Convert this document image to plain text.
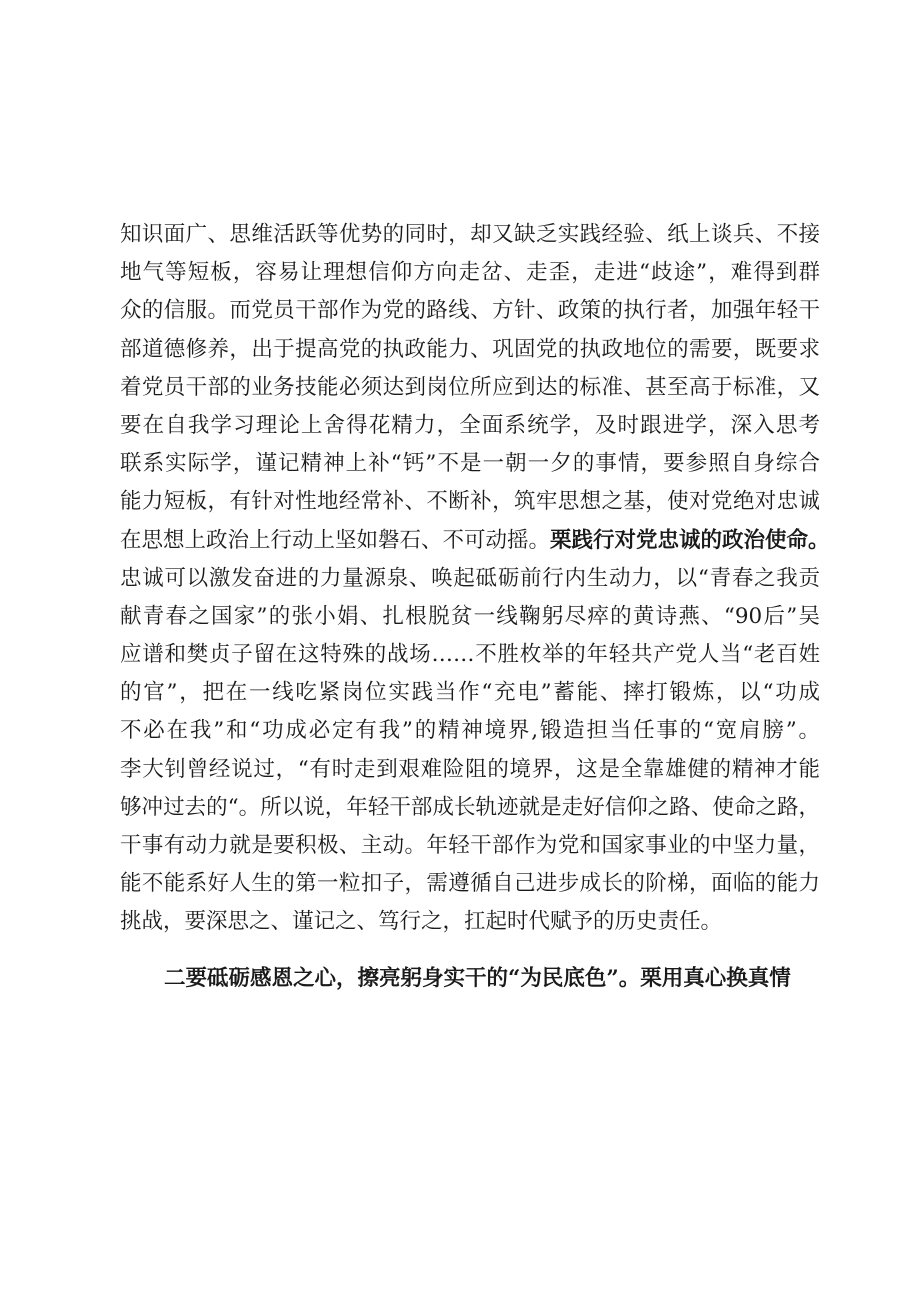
知识面广、思维活跃等优势的同时，却又缺乏实践经验、纸上谈兵、不接
地气等短板，容易让理想信仰方向走岔、走歪，走进“歧途”，难得到群
众的信服。而党员干部作为党的路线、方针、政策的执行者，加强年轻干
部道德修养，出于提高党的执政能力、巩固党的执政地位的需要，既要求
着党员干部的业务技能必须达到岗位所应到达的标准、甚至高于标准，又
要在自我学习理论上舍得花精力，全面系统学，及时跟进学，深入思考
联系实际学，谨记精神上补“钙”不是一朝一夕的事情，要参照自身综合
能力短板，有针对性地经常补、不断补，筑牢思想之基，使对党绝对忠诚
在思想上政治上行动上坚如磐石、不可动摇。栗践行对党忠诚的政治使命。
忠诚可以激发奋进的力量源泉、唤起砥砺前行内生动力，以“青春之我贡
献青春之国家”的张小娟、扎根脱贫一线鞠躬尽瘁的黄诗燕、“90后”吴
应谱和樊贞子留在这特殊的战场……不胜枚举的年轻共产党人当“老百姓
的官”，把在一线吃紧岗位实践当作“充电”蓄能、摔打锻炼，以“功成
不必在我”和“功成必定有我”的精神境界,锻造担当任事的“宽肩膀”。
李大钊曾经说过，“有时走到艰难险阻的境界，这是全靠雄健的精神才能
够冲过去的“。所以说，年轻干部成长轨迹就是走好信仰之路、使命之路，
干事有动力就是要积极、主动。年轻干部作为党和国家事业的中坚力量，
能不能系好人生的第一粒扣子，需遵循自己进步成长的阶梯，面临的能力
挑战，要深思之、谨记之、笃行之，扛起时代赋予的历史责任。
二要砥砺感恩之心，擦亮躬身实干的“为民底色”。栗用真心换真情
